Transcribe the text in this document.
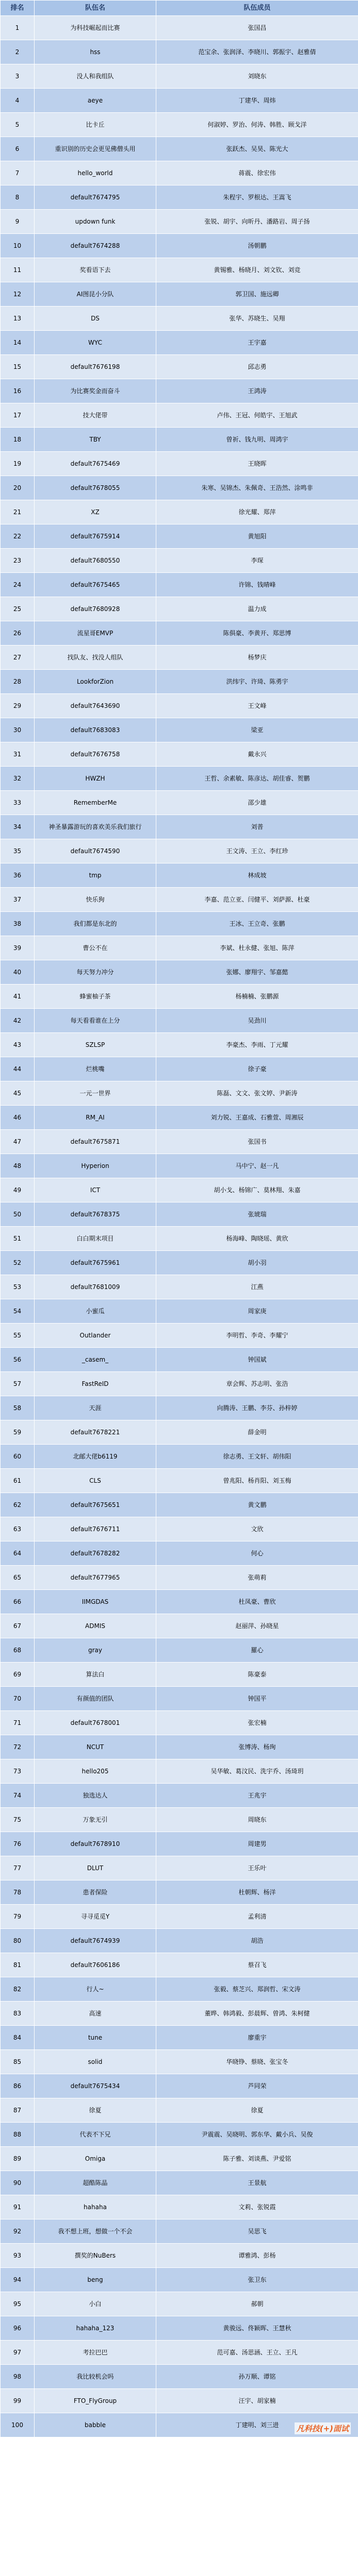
排名	队伍名	队伍成员
1	为科技崛起而比赛	张国昌
2	hss	范宝余、张润泽、李晓川、郭振宇、赵雅倩
3	没人和我组队	刘晓东
4	aeye	丁建华、周炜
5	比卡丘	何淑婷、罗治、何涛、韩胜、顾戈洋
6	重识别的历史会更见佛僧头用	张跃杰、吴昊、陈光大
7	hello_world	蒋震、徐宏伟
8	default7674795	朱程宇、罗根达、王嵩飞
9	updown funk	张锐、胡宇、向昕丹、潘路岩、周子扬
10	default7674288	汤朝鹏
11	奖看语下去	黄锡雅、杨晓月、刘文钦、刘竞
12	AI图昆小分队	郭卫国、施远卿
13	DS	张华、苏晓生、吴翔
14	WYC	王宇嘉
15	default7676198	邱志勇
16	为比赛奖金而奋斗	王鸿涛
17	技大佬带	卢伟、王冠、何皓宇、王旭武
18	TBY	曾祈、钱九明、周鸿宇
19	default7675469	王晓晖
20	default7678055	朱寒、吴锦杰、朱佩奇、王浩然、涂鸣非
21	XZ	徐光耀、郑萍
22	default7675914	黄旭阳
23	default7680550	李琛
24	default7675465	许锦、钱晴峰
25	default7680928	温力成
26	流星哥EMVP	陈俱豪、李黄开、郑思博
27	找队友、找没人组队	杨梦庆
28	LookforZion	洪纬宇、许琦、陈勇宇
29	default7643690	王文峰
30	default7683083	梁亚
31	default7676758	戴永兴
32	HWZH	王哲、余素敏、陈彦达、胡佳睿、贺鹏
33	RememberMe	邵少雄
34	神圣暴露游玩的喜欢美乐我们旅行	刘普
35	default7674590	王文涛、王立、李红珍
36	tmp	林成坡
37	快乐狗	李嘉、范立亚、闫健平、刘萨源、杜豪
38	我们都是东北的	王冰、王立奇、张鹏
39	曹公不在	李斌、杜永健、张旭、陈萍
40	每天努力冲分	张娜、廖翔宇、邹嘉懿
41	蜂蜜柚子茶	杨楠楠、张鹏源
42	每天看看谁在上分	吴劲川
43	SZLSP	李豪杰、李雨、丁元耀
44	烂桃嘴	徐子豪
45	一元一世界	陈磊、文文、张文婷、尹新涛
46	RM_AI	刘力锐、王嘉成、石雅萱、周湘辰
47	default7675871	张国书
48	Hyperion	马中宁、赵一凡
49	ICT	胡小戈、杨锦广、莫林翔、朱嘉
50	default7678375	张琥瑞
51	白白期末项目	杨海峰、陶晓瑶、黄欣
52	default7675961	胡小羽
53	default7681009	江燕
54	小蜜瓜	周家庚
55	Outlander	李明哲、李奇、李耀宁
56	_casem_	钟国斌
57	FastReID	章会辉、苏志明、张浩
58	天涯	向腾涛、王鹏、李芬、孙梓婷
59	default7678221	薛金明
60	北邮大佬b6119	徐志勇、王文轩、胡伟阳
61	CLS	曾兆阳、杨肖阳、刘玉梅
62	default7675651	黄文鹏
63	default7676711	文欣
64	default7678282	何心
65	default7677965	张萌莉
66	IIMGDAS	杜凤豪、曹欣
67	ADMIS	赵丽萍、孙晓星
68	gray	羅心
69	算法白	陈豪泰
70	有颜值的团队	钟国平
71	default7678001	张宏楠
72	NCUT	张博涛、杨珣
73	hello205	吴华敏、葛汶民、洗宇乔、汤琦玥
74	独选达人	王兆宇
75	万象无引	周晓东
76	default7678910	周建男
77	DLUT	王乐叶
78	患者保险	杜朝辉、杨洋
79	寻寻觅觅Y	孟利清
80	default7674939	胡浩
81	default7606186	蔡召飞
82	行人~	张毅、蔡芝兴、郑润哲、宋文涛
83	高速	董晔、韩鸿毅、彭晨辉、曾鸿、朱柯健
84	tune	廖重宇
85	solid	华晓铮、蔡晓、张宝冬
86	default7675434	芦同荣
87	徐夏	徐夏
88	代表不下兄	尹震震、吴晓明、郭东华、戴小兵、吴俊
89	Omiga	陈子雅、刘谈燕、尹爱铭
90	超酷陈晶	王景航
91	hahaha	文莉、张锐霞
92	我不想上班，想做一个不会	吴思飞
93	撰奖的NuBers	谭雅鸿、彭杨
94	beng	张卫东
95	小白	郝朝
96	hahaha_123	黄骏远、佟颖晖、王慧秋
97	考拉巴巴	范可嘉、汤思涵、王立、王凡
98	我比较机会吗	孙万顺、谭铭
99	FTO_FlyGroup	汪宇、胡家楠
100	babble	丁建明、刘三进 凡科技(+)面试
